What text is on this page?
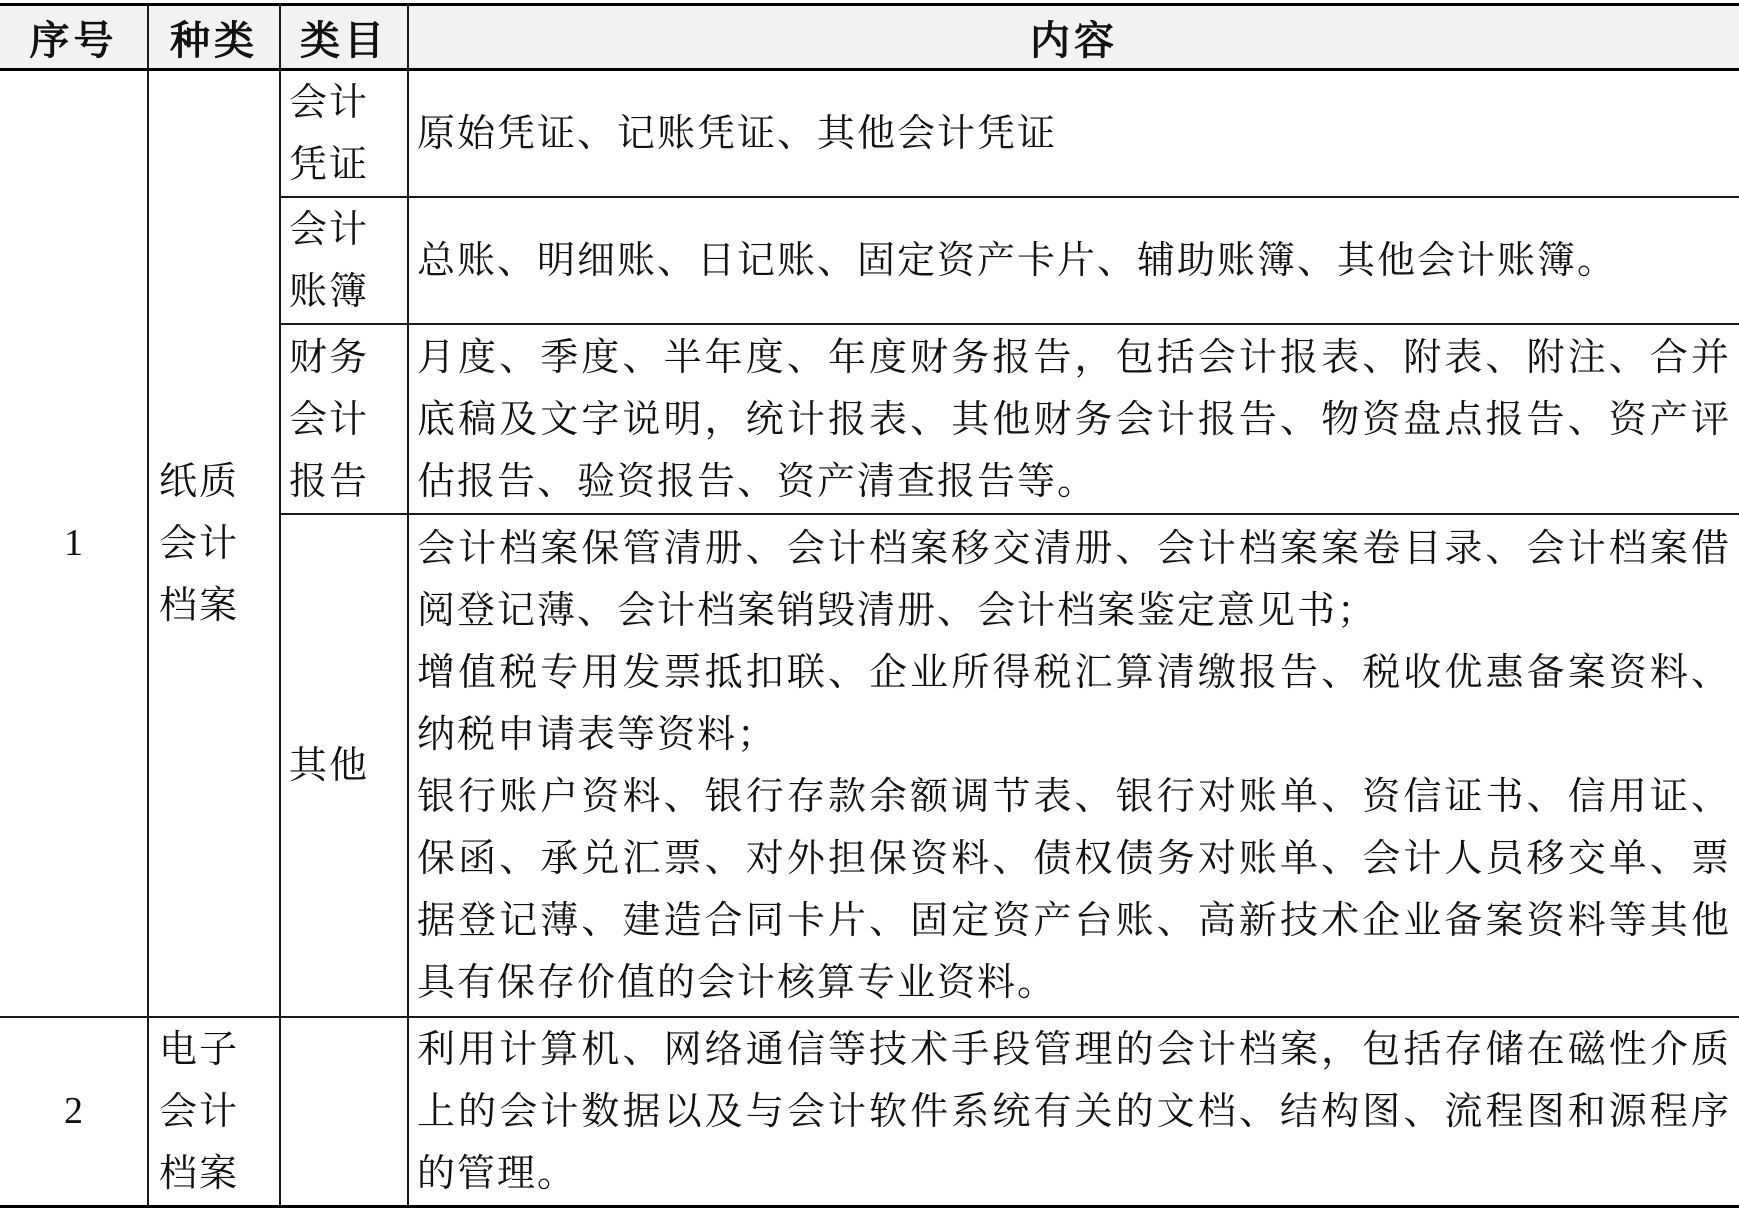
序号	种类	类目	内容
1	纸质会计档案	会计凭证	原始凭证、记账凭证、其他会计凭证

		会计账簿	总账、明细账、日记账、固定资产卡片、辅助账簿、其他会计账簿。

		财务会计报告	月度、季度、半年度、年度财务报告，包括会计报表、附表、附注、合并底稿及文字说明，统计报表、其他财务会计报告、物资盘点报告、资产评估报告、验资报告、资产清查报告等。

		其他	会计档案保管清册、会计档案移交清册、会计档案案卷目录、会计档案借阅登记薄、会计档案销毁清册、会计档案鉴定意见书；
增值税专用发票抵扣联、企业所得税汇算清缴报告、税收优惠备案资料、纳税申请表等资料；
银行账户资料、银行存款余额调节表、银行对账单、资信证书、信用证、保函、承兑汇票、对外担保资料、债权债务对账单、会计人员移交单、票据登记薄、建造合同卡片、固定资产台账、高新技术企业备案资料等其他具有保存价值的会计核算专业资料。

2	电子会计档案		利用计算机、网络通信等技术手段管理的会计档案，包括存储在磁性介质上的会计数据以及与会计软件系统有关的文档、结构图、流程图和源程序的管理。
